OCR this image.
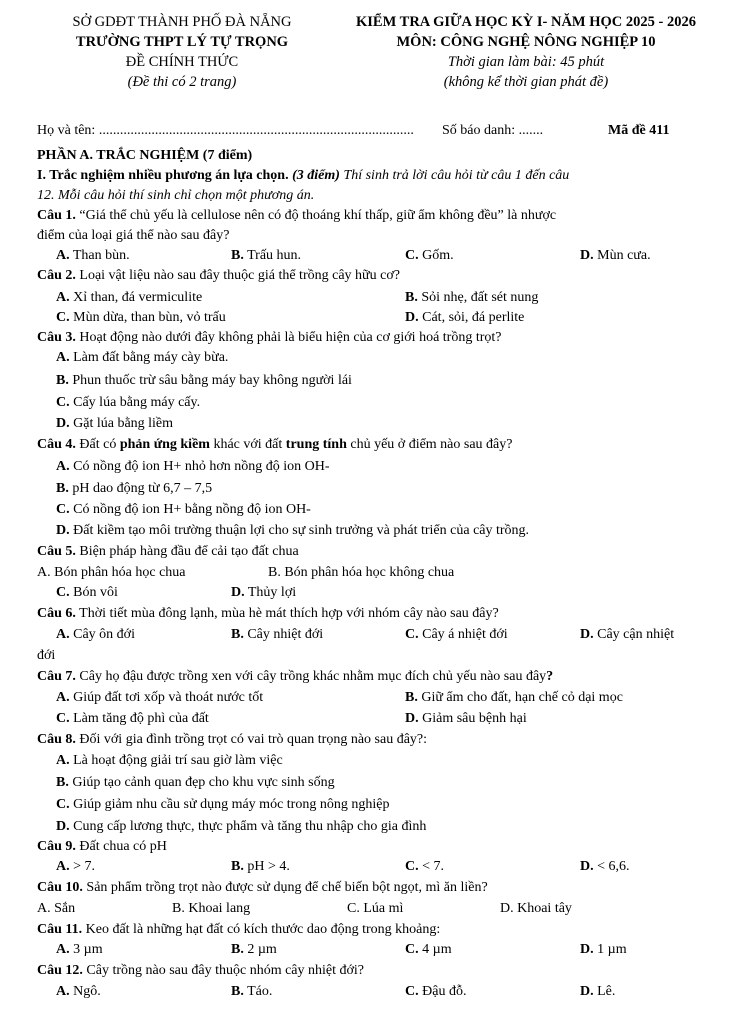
SỞ GDĐT THÀNH PHỐ ĐÀ NẴNG
TRƯỜNG THPT LÝ TỰ TRỌNG
ĐỀ CHÍNH THỨC
(Đề thi có 2 trang)
KIỂM TRA GIỮA HỌC KỲ I- NĂM HỌC 2025 - 2026
MÔN: CÔNG NGHỆ NÔNG NGHIỆP 10
Thời gian làm bài: 45 phút
(không kể thời gian phát đề)
Họ và tên: .......................................................................................... Số báo danh: .......	Mã đề 411
PHẦN A. TRẮC NGHIỆM (7 điểm)
I. Trắc nghiệm nhiều phương án lựa chọn. (3 điểm) Thí sinh trả lời câu hỏi từ câu 1 đến câu
12. Mỗi câu hỏi thí sinh chỉ chọn một phương án.
Câu 1. “Giá thể chủ yếu là cellulose nên có độ thoáng khí thấp, giữ ẩm không đều” là nhược
điểm của loại giá thể nào sau đây?
A. Than bùn.	B. Trấu hun.	C. Gốm.	D. Mùn cưa.
Câu 2. Loại vật liệu nào sau đây thuộc giá thể trồng cây hữu cơ?
A. Xỉ than, đá vermiculite	B. Sỏi nhẹ, đất sét nung
C. Mùn dừa, than bùn, vỏ trấu	D. Cát, sỏi, đá perlite
Câu 3. Hoạt động nào dưới đây không phải là biểu hiện của cơ giới hoá trồng trọt?
A. Làm đất bằng máy cày bừa.
B. Phun thuốc trừ sâu bằng máy bay không người lái
C. Cấy lúa bằng máy cấy.
D. Gặt lúa bằng liềm
Câu 4. Đất có phản ứng kiềm khác với đất trung tính chủ yếu ở điểm nào sau đây?
A. Có nồng độ ion H+ nhỏ hơn nồng độ ion OH-
B. pH dao động từ 6,7 – 7,5
C. Có nồng độ ion H+ bằng nồng độ ion OH-
D. Đất kiềm tạo môi trường thuận lợi cho sự sinh trưởng và phát triển của cây trồng.
Câu 5. Biện pháp hàng đầu để cải tạo đất chua
A. Bón phân hóa học chua	B. Bón phân hóa học không chua
C. Bón vôi	D. Thủy lợi
Câu 6. Thời tiết mùa đông lạnh, mùa hè mát thích hợp với nhóm cây nào sau đây?
A. Cây ôn đới	B. Cây nhiệt đới	C. Cây á nhiệt đới	D. Cây cận nhiệt
đới
Câu 7. Cây họ đậu được trồng xen với cây trồng khác nhằm mục đích chủ yếu nào sau đây?
A. Giúp đất tơi xốp và thoát nước tốt	B. Giữ ẩm cho đất, hạn chế cỏ dại mọc
C. Làm tăng độ phì của đất	D. Giảm sâu bệnh hại
Câu 8. Đối với gia đình trồng trọt có vai trò quan trọng nào sau đây?:
A. Là hoạt động giải trí sau giờ làm việc
B. Giúp tạo cảnh quan đẹp cho khu vực sinh sống
C. Giúp giảm nhu cầu sử dụng máy móc trong nông nghiệp
D. Cung cấp lương thực, thực phẩm và tăng thu nhập cho gia đình
Câu 9. Đất chua có pH
A. > 7.	B. pH > 4.	C. < 7.	D. < 6,6.
Câu 10. Sản phẩm trồng trọt nào được sử dụng để chế biến bột ngọt, mì ăn liền?
A. Sắn	B. Khoai lang	C. Lúa mì	D. Khoai tây
Câu 11. Keo đất là những hạt đất có kích thước dao động trong khoảng:
A. 3 µm	B. 2 µm	C. 4 µm	D. 1 µm
Câu 12. Cây trồng nào sau đây thuộc nhóm cây nhiệt đới?
A. Ngô.	B. Táo.	C. Đậu đỗ.	D. Lê.
